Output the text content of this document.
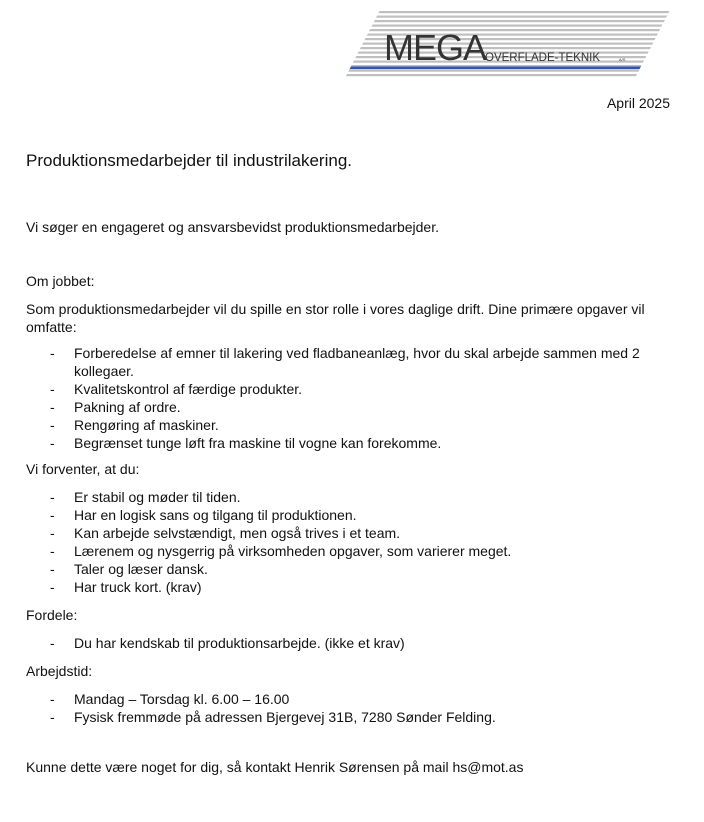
MEGA
OVERFLADE-TEKNIK	A/S
April 2025
Produktionsmedarbejder til industrilakering.

Vi søger en engageret og ansvarsbevidst produktionsmedarbejder.

Om jobbet:

Som produktionsmedarbejder vil du spille en stor rolle i vores daglige drift. Dine primære opgaver vil omfatte:

- Forberedelse af emner til lakering ved fladbaneanlæg, hvor du skal arbejde sammen med 2 kollegaer.
- Kvalitetskontrol af færdige produkter.
- Pakning af ordre.
- Rengøring af maskiner.
- Begrænset tunge løft fra maskine til vogne kan forekomme.

Vi forventer, at du:

- Er stabil og møder til tiden.
- Har en logisk sans og tilgang til produktionen.
- Kan arbejde selvstændigt, men også trives i et team.
- Lærenem og nysgerrig på virksomheden opgaver, som varierer meget.
- Taler og læser dansk.
- Har truck kort. (krav)

Fordele:

- Du har kendskab til produktionsarbejde. (ikke et krav)

Arbejdstid:

- Mandag – Torsdag kl. 6.00 – 16.00
- Fysisk fremmøde på adressen Bjergevej 31B, 7280 Sønder Felding.

Kunne dette være noget for dig, så kontakt Henrik Sørensen på mail hs@mot.as
